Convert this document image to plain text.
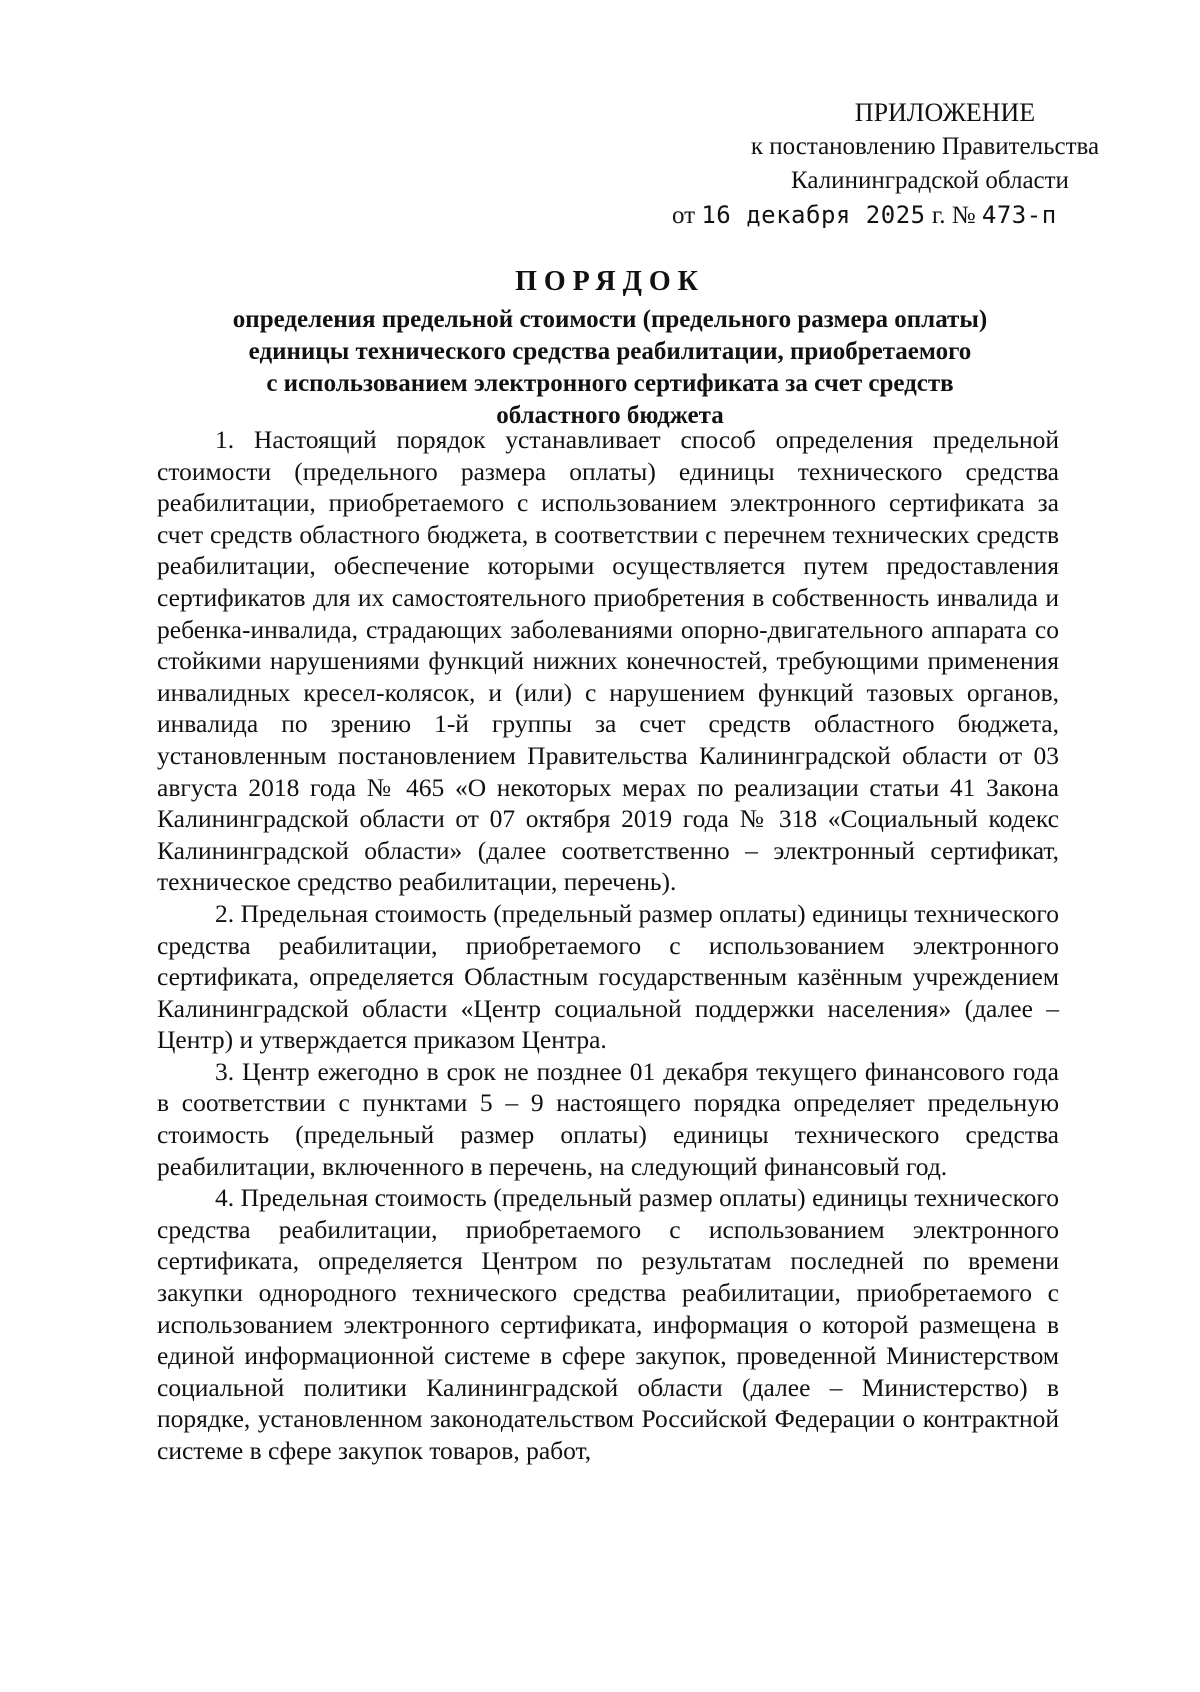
ПРИЛОЖЕНИЕ
к постановлению Правительства
Калининградской области
от 16 декабря 2025 г. № 473-п
ПОРЯДОК
определения предельной стоимости (предельного размера оплаты)
единицы технического средства реабилитации, приобретаемого
с использованием электронного сертификата за счет средств
областного бюджета

1. Настоящий порядок устанавливает способ определения предельной стоимости (предельного размера оплаты) единицы технического средства реабилитации, приобретаемого с использованием электронного сертификата за счет средств областного бюджета, в соответствии с перечнем технических средств реабилитации, обеспечение которыми осуществляется путем предоставления сертификатов для их самостоятельного приобретения в собственность инвалида и ребенка-инвалида, страдающих заболеваниями опорно-двигательного аппарата со стойкими нарушениями функций нижних конечностей, требующими применения инвалидных кресел-колясок, и (или) с нарушением функций тазовых органов, инвалида по зрению 1-й группы за счет средств областного бюджета, установленным постановлением Правительства Калининградской области от 03 августа 2018 года № 465 «О некоторых мерах по реализации статьи 41 Закона Калининградской области от 07 октября 2019 года № 318 «Социальный кодекс Калининградской области» (далее соответственно – электронный сертификат, техническое средство реабилитации, перечень).

2. Предельная стоимость (предельный размер оплаты) единицы технического средства реабилитации, приобретаемого с использованием электронного сертификата, определяется Областным государственным казённым учреждением Калининградской области «Центр социальной поддержки населения» (далее – Центр) и утверждается приказом Центра.

3. Центр ежегодно в срок не позднее 01 декабря текущего финансового года в соответствии с пунктами 5 – 9 настоящего порядка определяет предельную стоимость (предельный размер оплаты) единицы технического средства реабилитации, включенного в перечень, на следующий финансовый год.

4. Предельная стоимость (предельный размер оплаты) единицы технического средства реабилитации, приобретаемого с использованием электронного сертификата, определяется Центром по результатам последней по времени закупки однородного технического средства реабилитации, приобретаемого с использованием электронного сертификата, информация о которой размещена в единой информационной системе в сфере закупок, проведенной Министерством социальной политики Калининградской области (далее – Министерство) в порядке, установленном законодательством Российской Федерации о контрактной системе в сфере закупок товаров, работ,
